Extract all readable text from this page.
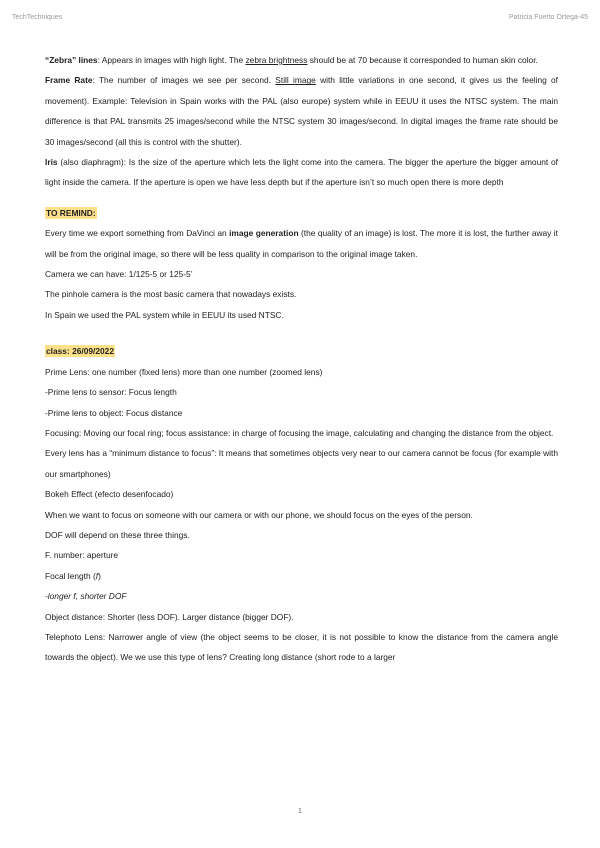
TechTechniques	Patricia Fuerto Ortega-45

“Zebra” lines: Appears in images with high light. The zebra brightness should be at 70 because it corresponded to human skin color.

Frame Rate: The number of images we see per second. Still image with little variations in one second, it gives us the feeling of movement). Example: Television in Spain works with the PAL (also europe) system while in EEUU it uses the NTSC system. The main difference is that PAL transmits 25 images/second while the NTSC system 30 images/second. In digital images the frame rate should be 30 images/second (all this is control with the shutter).

Iris (also diaphragm): Is the size of the aperture which lets the light come into the camera. The bigger the aperture the bigger amount of light inside the camera. If the aperture is open we have less depth but if the aperture isn’t so much open there is more depth

TO REMIND:

Every time we export something from DaVinci an image generation (the quality of an image) is lost. The more it is lost, the further away it will be from the original image, so there will be less quality in comparison to the original image taken.

Camera we can have: 1/125-5 or 125-5’

The pinhole camera is the most basic camera that nowadays exists.

In Spain we used the PAL system while in EEUU its used NTSC.

class: 26/09/2022

Prime Lens: one number (fixed lens) more than one number (zoomed lens)

-Prime lens to sensor: Focus length

-Prime lens to object: Focus distance

Focusing: Moving our focal ring; focus assistance: in charge of focusing the image, calculating and changing the distance from the object.

Every lens has a “minimum distance to focus”: It means that sometimes objects very near to our camera cannot be focus (for example with our smartphones)

Bokeh Effect (efecto desenfocado)

When we want to focus on someone with our camera or with our phone, we should focus on the eyes of the person.

DOF will depend on these three things.

F. number: aperture

Focal length (f)

-longer f, shorter DOF

Object distance: Shorter (less DOF). Larger distance (bigger DOF).

Telephoto Lens: Narrower angle of view (the object seems to be closer, it is not possible to know the distance from the camera angle towards the object). We we use this type of lens? Creating long distance (short rode to a larger

1
